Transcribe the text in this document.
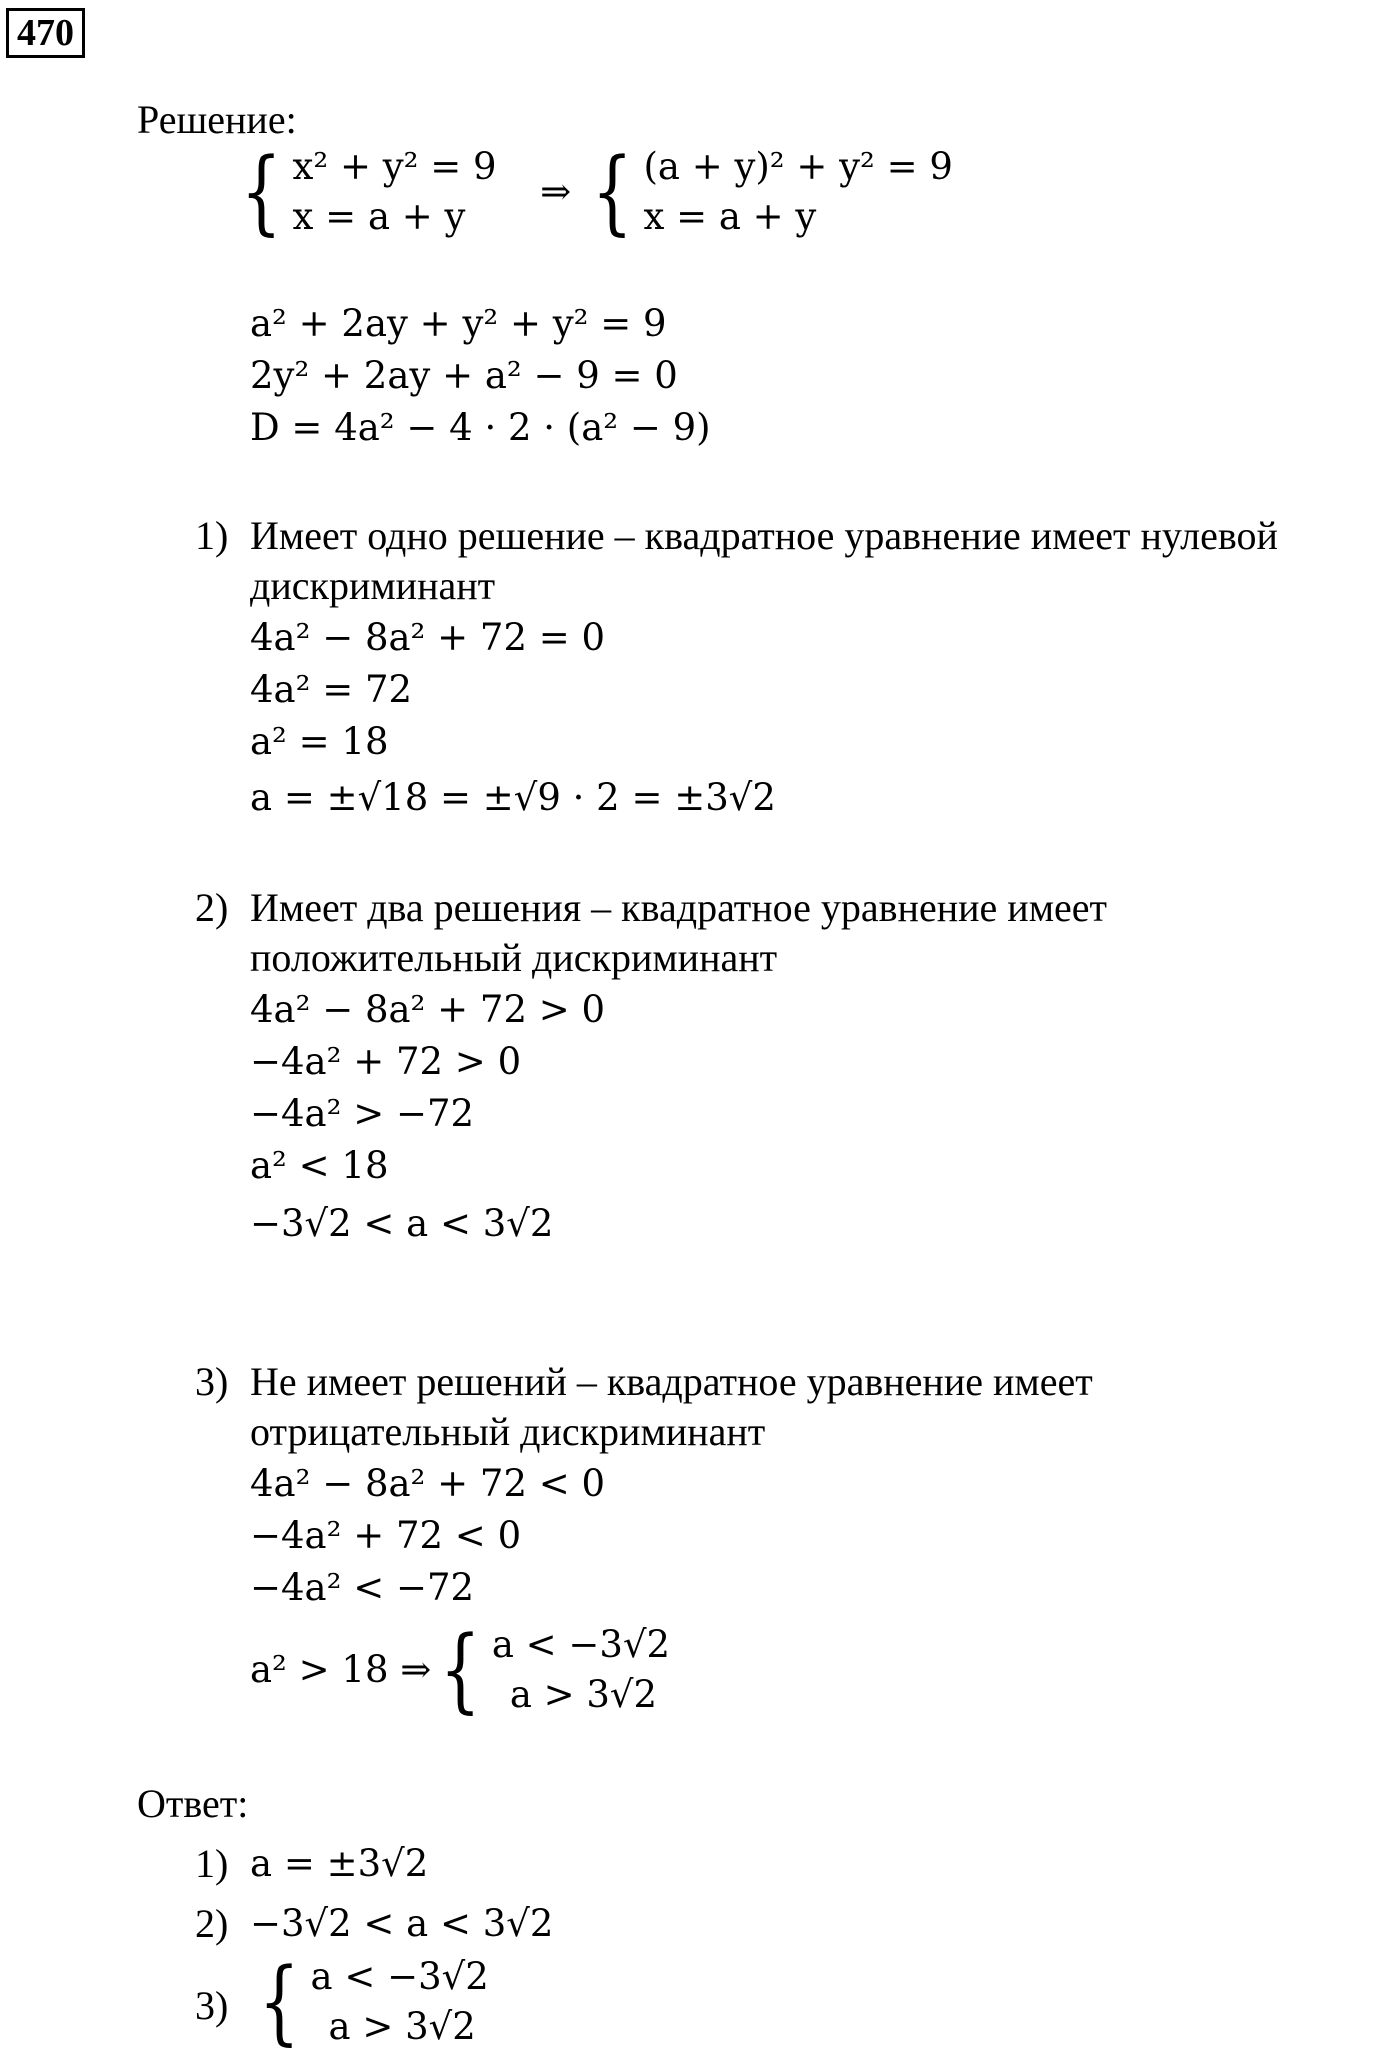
470
Решение:
{ x² + y² = 9
x = a + y
⇒ { (a + y)² + y² = 9
x = a + y
a² + 2ay + y² + y² = 9
2y² + 2ay + a² − 9 = 0
D = 4a² − 4 · 2 · (a² − 9)
1) Имеет одно решение – квадратное уравнение имеет нулевой
дискриминант
4a² − 8a² + 72 = 0
4a² = 72
a² = 18
a = ±√18 = ±√9 · 2 = ±3√2
2) Имеет два решения – квадратное уравнение имеет
положительный дискриминант
4a² − 8a² + 72 > 0
−4a² + 72 > 0
−4a² > −72
a² < 18
−3√2 < a < 3√2
3) Не имеет решений – квадратное уравнение имеет
отрицательный дискриминант
4a² − 8a² + 72 < 0
−4a² + 72 < 0
−4a² < −72
a² > 18 ⇒ { a < −3√2
a > 3√2
Ответ:
1) a = ±3√2
2) −3√2 < a < 3√2
3) { a < −3√2
a > 3√2
